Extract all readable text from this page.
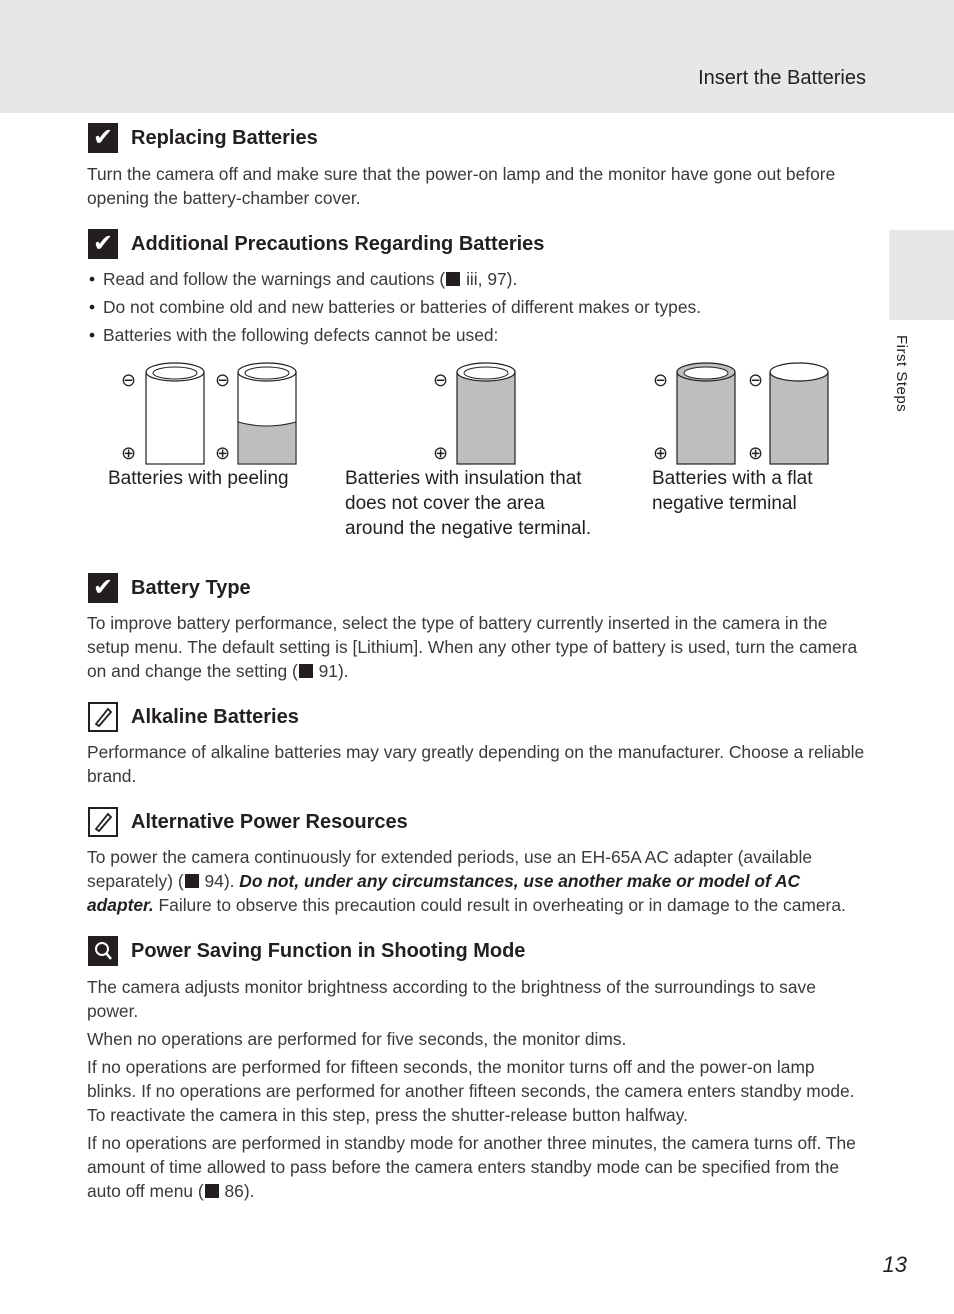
Insert the Batteries
First Steps
✔ Replacing Batteries

Turn the camera off and make sure that the power-on lamp and the monitor have gone out before opening the battery-chamber cover.

✔ Additional Precautions Regarding Batteries
• Read and follow the warnings and cautions ( iii, 97).
• Do not combine old and new batteries or batteries of different makes or types.
• Batteries with the following defects cannot be used:
⊖
⊕
⊖
⊕
⊖
⊕
⊖
⊕
⊖
⊕
Batteries with peeling	Batteries with insulation that
does not cover the area
around the negative terminal.
Batteries with a flat
negative terminal
✔ Battery Type

To improve battery performance, select the type of battery currently inserted in the camera in the setup menu. The default setting is [Lithium]. When any other type of battery is used, turn the camera on and change the setting ( 91).

Alkaline Batteries

Performance of alkaline batteries may vary greatly depending on the manufacturer. Choose a reliable brand.

Alternative Power Resources

To power the camera continuously for extended periods, use an EH-65A AC adapter (available separately) ( 94). Do not, under any circumstances, use another make or model of AC adapter. Failure to observe this precaution could result in overheating or in damage to the camera.

Power Saving Function in Shooting Mode

The camera adjusts monitor brightness according to the brightness of the surroundings to save power.

When no operations are performed for five seconds, the monitor dims.

If no operations are performed for fifteen seconds, the monitor turns off and the power-on lamp blinks. If no operations are performed for another fifteen seconds, the camera enters standby mode. To reactivate the camera in this step, press the shutter-release button halfway.

If no operations are performed in standby mode for another three minutes, the camera turns off. The amount of time allowed to pass before the camera enters standby mode can be specified from the auto off menu ( 86).

13
